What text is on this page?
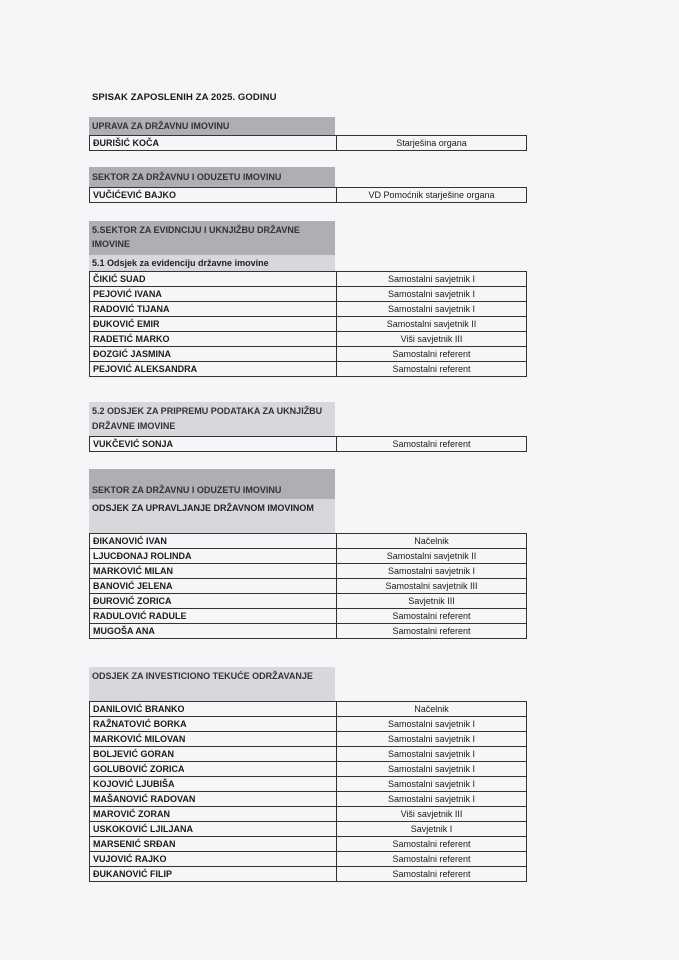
SPISAK ZAPOSLENIH ZA 2025. GODINU
UPRAVA ZA DRŽAVNU IMOVINU
ĐURIŠIĆ KOČA	Starješina organa
SEKTOR ZA DRŽAVNU I ODUZETU IMOVINU
VUČIĆEVIĆ BAJKO	VD Pomoćnik starješine organa
5.SEKTOR ZA EVIDNCIJU I UKNJIŽBU DRŽAVNE IMOVINE
5.1 Odsjek za evidenciju državne imovine
ČIKIĆ SUAD	Samostalni savjetnik I
PEJOVIĆ IVANA	Samostalni savjetnik I
RADOVIĆ TIJANA	Samostalni savjetnik I
ĐUKOVIĆ EMIR	Samostalni savjetnik II
RADETIĆ MARKO	Viši savjetnik III
ĐOZGIĆ JASMINA	Samostalni referent
PEJOVIĆ ALEKSANDRA	Samostalni referent
5.2 ODSJEK ZA PRIPREMU PODATAKA ZA UKNJIŽBU DRŽAVNE IMOVINE
VUKČEVIĆ SONJA	Samostalni referent
SEKTOR ZA DRŽAVNU I ODUZETU IMOVINU
ODSJEK ZA UPRAVLJANJE DRŽAVNOM IMOVINOM
ĐIKANOVIĆ IVAN	Načelnik
LJUCĐONAJ ROLINDA	Samostalni savjetnik II
MARKOVIĆ MILAN	Samostalni savjetnik I
BANOVIĆ JELENA	Samostalni savjetnik III
ĐUROVIĆ ZORICA	Savjetnik III
RADULOVIĆ RADULE	Samostalni referent
MUGOŠA ANA	Samostalni referent
ODSJEK ZA INVESTICIONO TEKUĆE ODRŽAVANJE
DANILOVIĆ BRANKO	Načelnik
RAŽNATOVIĆ BORKA	Samostalni savjetnik I
MARKOVIĆ MILOVAN	Samostalni savjetnik I
BOLJEVIĆ GORAN	Samostalni savjetnik I
GOLUBOVIĆ ZORICA	Samostalni savjetnik I
KOJOVIĆ LJUBIŠA	Samostalni savjetnik I
MAŠANOVIĆ RADOVAN	Samostalni savjetnik I
MAROVIĆ ZORAN	Viši savjetnik III
USKOKOVIĆ LJILJANA	Savjetnik I
MARSENIĆ SRĐAN	Samostalni referent
VUJOVIĆ RAJKO	Samostalni referent
ĐUKANOVIĆ FILIP	Samostalni referent
